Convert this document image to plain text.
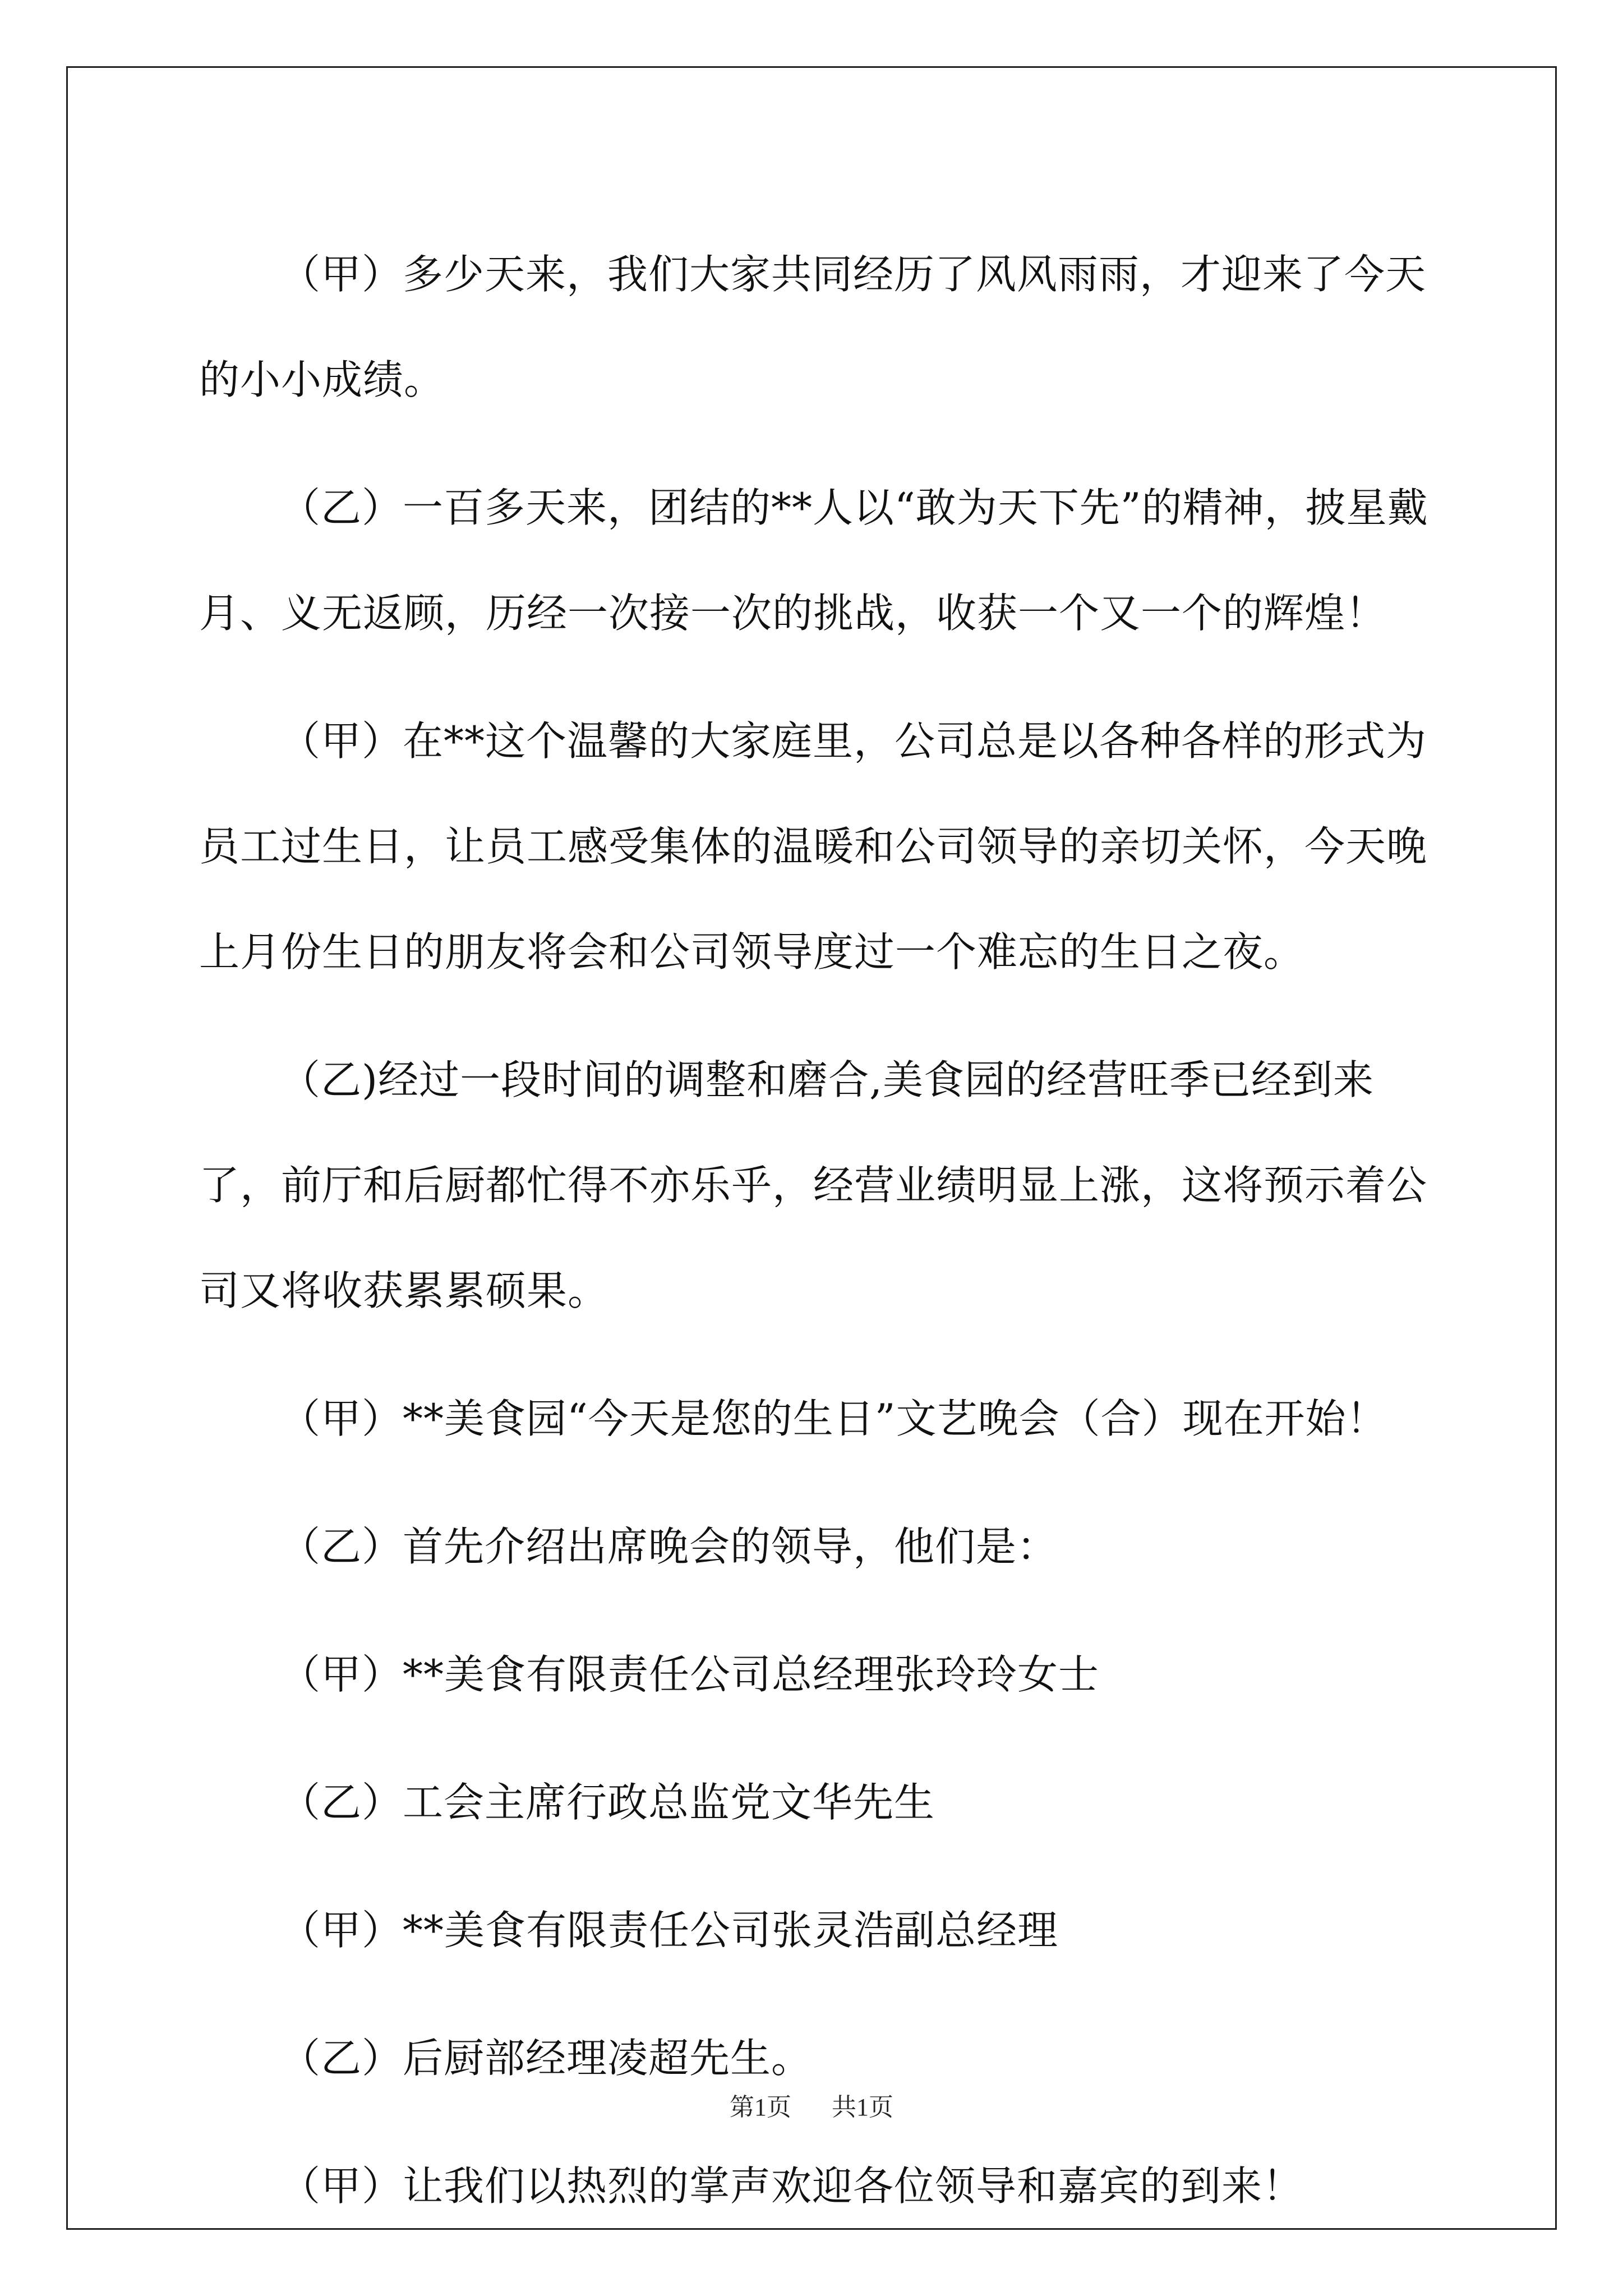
（甲）多少天来，我们大家共同经历了风风雨雨，才迎来了今天的小小成绩。

（乙）一百多天来，团结的**人以“敢为天下先”的精神，披星戴月、义无返顾，历经一次接一次的挑战，收获一个又一个的辉煌！

（甲）在**这个温馨的大家庭里，公司总是以各种各样的形式为员工过生日，让员工感受集体的温暖和公司领导的亲切关怀，今天晚上月份生日的朋友将会和公司领导度过一个难忘的生日之夜。

（乙)经过一段时间的调整和磨合,美食园的经营旺季已经到来了，前厅和后厨都忙得不亦乐乎，经营业绩明显上涨，这将预示着公司又将收获累累硕果。

（甲）**美食园“今天是您的生日”文艺晚会（合）现在开始！

（乙）首先介绍出席晚会的领导，他们是：

（甲）**美食有限责任公司总经理张玲玲女士

（乙）工会主席行政总监党文华先生

（甲）**美食有限责任公司张灵浩副总经理

（乙）后厨部经理凌超先生。

（甲）让我们以热烈的掌声欢迎各位领导和嘉宾的到来！

第1页 共1页
